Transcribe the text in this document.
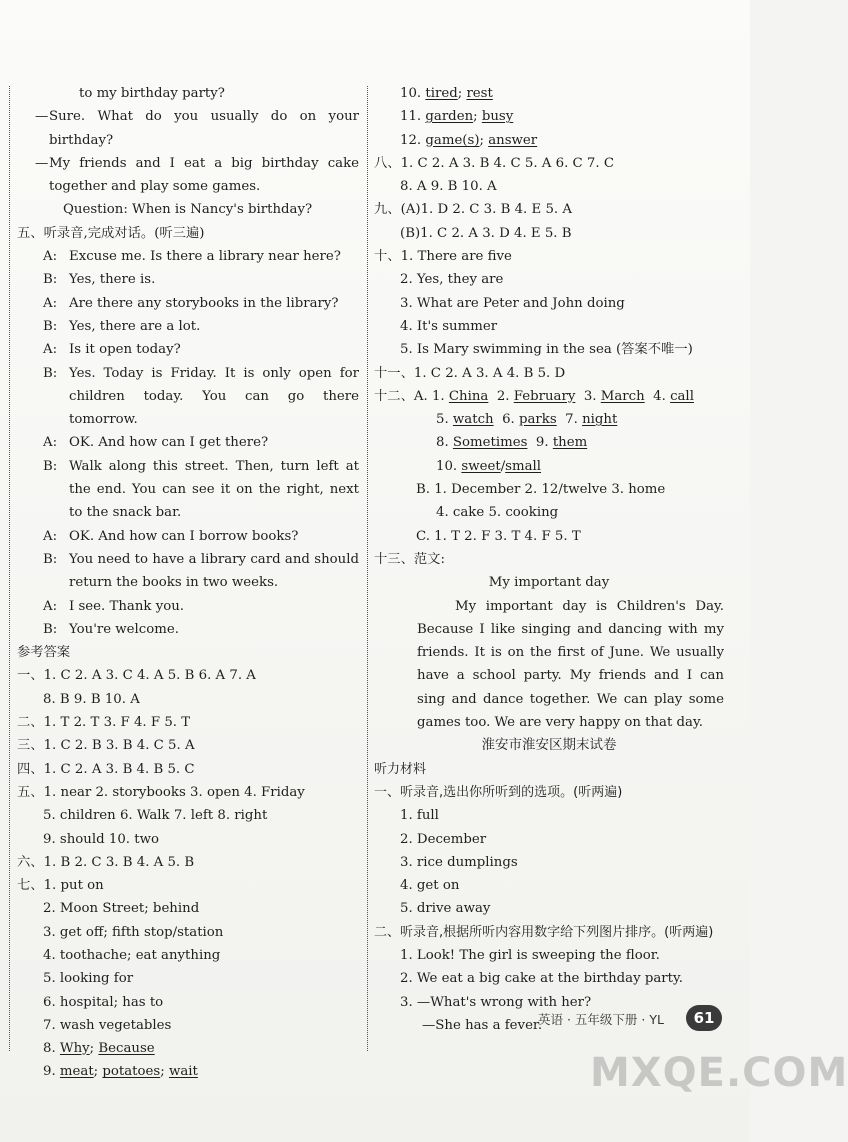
to my birthday party?
— Sure. What do you usually do on your birthday?
— My friends and I eat a big birthday cake together and play some games.
Question: When is Nancy's birthday?
五、听录音,完成对话。(听三遍)
A: Excuse me. Is there a library near here?
B: Yes, there is.
A: Are there any storybooks in the library?
B: Yes, there are a lot.
A: Is it open today?
B: Yes. Today is Friday. It is only open for children today. You can go there tomorrow.
A: OK. And how can I get there?
B: Walk along this street. Then, turn left at the end. You can see it on the right, next to the snack bar.
A: OK. And how can I borrow books?
B: You need to have a library card and should return the books in two weeks.
A: I see. Thank you.
B: You're welcome.
参考答案
一、1. C 2. A 3. C 4. A 5. B 6. A 7. A
8. B 9. B 10. A
二、1. T 2. T 3. F 4. F 5. T
三、1. C 2. B 3. B 4. C 5. A
四、1. C 2. A 3. B 4. B 5. C
五、1. near 2. storybooks 3. open 4. Friday
5. children 6. Walk 7. left 8. right
9. should 10. two
六、1. B 2. C 3. B 4. A 5. B
七、1. put on
2. Moon Street; behind
3. get off; fifth stop/station
4. toothache; eat anything
5. looking for
6. hospital; has to
7. wash vegetables
8. Why; Because
9. meat; potatoes; wait
10. tired; rest
11. garden; busy
12. game(s); answer
八、1. C 2. A 3. B 4. C 5. A 6. C 7. C
8. A 9. B 10. A
九、(A)1. D 2. C 3. B 4. E 5. A
(B)1. C 2. A 3. D 4. E 5. B
十、1. There are five
2. Yes, they are
3. What are Peter and John doing
4. It's summer
5. Is Mary swimming in the sea (答案不唯一)
十一、1. C 2. A 3. A 4. B 5. D
十二、A. 1. China 2. February 3. March 4. call
5. watch 6. parks 7. night
8. Sometimes 9. them
10. sweet/small
B. 1. December 2. 12/twelve 3. home
4. cake 5. cooking
C. 1. T 2. F 3. T 4. F 5. T
十三、范文:
My important day
My important day is Children's Day. Because I like singing and dancing with my friends. It is on the first of June. We usually have a school party. My friends and I can sing and dance together. We can play some games too. We are very happy on that day.
淮安市淮安区期末试卷
听力材料
一、听录音,选出你所听到的选项。(听两遍)
1. full
2. December
3. rice dumplings
4. get on
5. drive away
二、听录音,根据所听内容用数字给下列图片排序。(听两遍)
1. Look! The girl is sweeping the floor.
2. We eat a big cake at the birthday party.
3. —What's wrong with her?
—She has a fever.
英语 · 五年级下册 · YL	61
MXQE.COM
